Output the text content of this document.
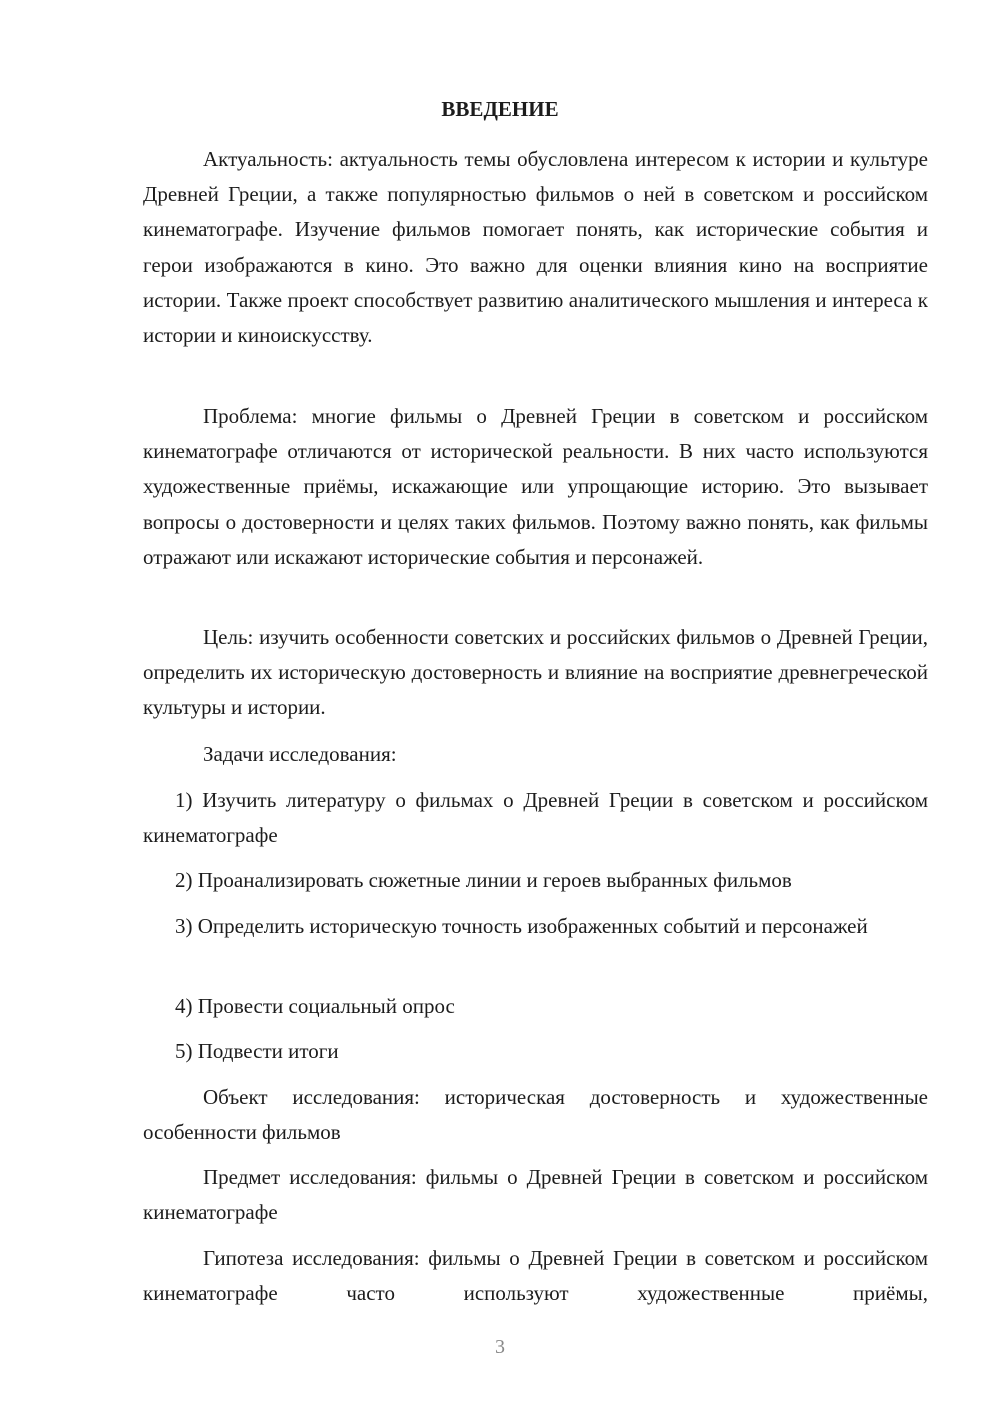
ВВЕДЕНИЕ

Актуальность: актуальность темы обусловлена интересом к истории и культуре Древней Греции, а также популярностью фильмов о ней в советском и российском кинематографе. Изучение фильмов помогает понять, как исторические события и герои изображаются в кино. Это важно для оценки влияния кино на восприятие истории. Также проект способствует развитию аналитического мышления и интереса к истории и киноискусству.

Проблема: многие фильмы о Древней Греции в советском и российском кинематографе отличаются от исторической реальности. В них часто используются художественные приёмы, искажающие или упрощающие историю. Это вызывает вопросы о достоверности и целях таких фильмов. Поэтому важно понять, как фильмы отражают или искажают исторические события и персонажей.

Цель: изучить особенности советских и российских фильмов о Древней Греции, определить их историческую достоверность и влияние на восприятие древнегреческой культуры и истории.

Задачи исследования:

1) Изучить литературу о фильмах о Древней Греции в советском и российском кинематографе

2) Проанализировать сюжетные линии и героев выбранных фильмов

3) Определить историческую точность изображенных событий и персонажей

4) Провести социальный опрос

5) Подвести итоги

Объект исследования: историческая достоверность и художественные особенности фильмов

Предмет исследования: фильмы о Древней Греции в советском и российском кинематографе

Гипотеза исследования: фильмы о Древней Греции в советском и российском кинематографе часто используют художественные приёмы,

3
